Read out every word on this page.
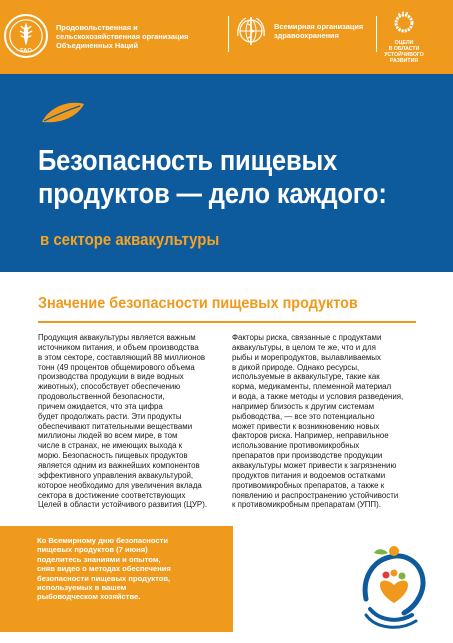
FAO
Продовольственная и
сельскохозяйственная организация
Объединенных Наций
Всемирная организация
здравоохранения
ОЦЕЛИ
В ОБЛАСТИ
УСТОЙЧИВОГО
РАЗВИТИЯ
Безопасность пищевых
продуктов — дело каждого:
в секторе аквакультуры
Значение безопасности пищевых продуктов
Продукция аквакультуры является важным
источником питания, и объем производства
в этом секторе, составляющий 88 миллионов
тонн (49 процентов общемирового объема
производства продукции в виде водных
животных), способствует обеспечению
продовольственной безопасности,
причем ожидается, что эта цифра
будет продолжать расти. Эти продукты
обеспечивают питательными веществами
миллионы людей во всем мире, в том
числе в странах, не имеющих выхода к
морю. Безопасность пищевых продуктов
является одним из важнейших компонентов
эффективного управления аквакультурой,
которое необходимо для увеличения вклада
сектора в достижение соответствующих
Целей в области устойчивого развития (ЦУР).
Факторы риска, связанные с продуктами
аквакультуры, в целом те же, что и для
рыбы и морепродуктов, вылавливаемых
в дикой природе. Однако ресурсы,
используемые в аквакультуре, такие как
корма, медикаменты, племенной материал
и вода, а также методы и условия разведения,
например близость к другим системам
рыбоводства, — все это потенциально
может привести к возникновению новых
факторов риска. Например, неправильное
использование противомикробных
препаратов при производстве продукции
аквакультуры может привести к загрязнению
продуктов питания и водоемов остатками
противомикробных препаратов, а также к
появлению и распространению устойчивости
к противомикробным препаратам (УПП).
Ко Всемирному дню безопасности
пищевых продуктов (7 июня)
поделитесь знаниями и опытом,
сняв видео о методах обеспечения
безопасности пищевых продуктов,
используемых в вашем
рыбоводческом хозяйстве.
